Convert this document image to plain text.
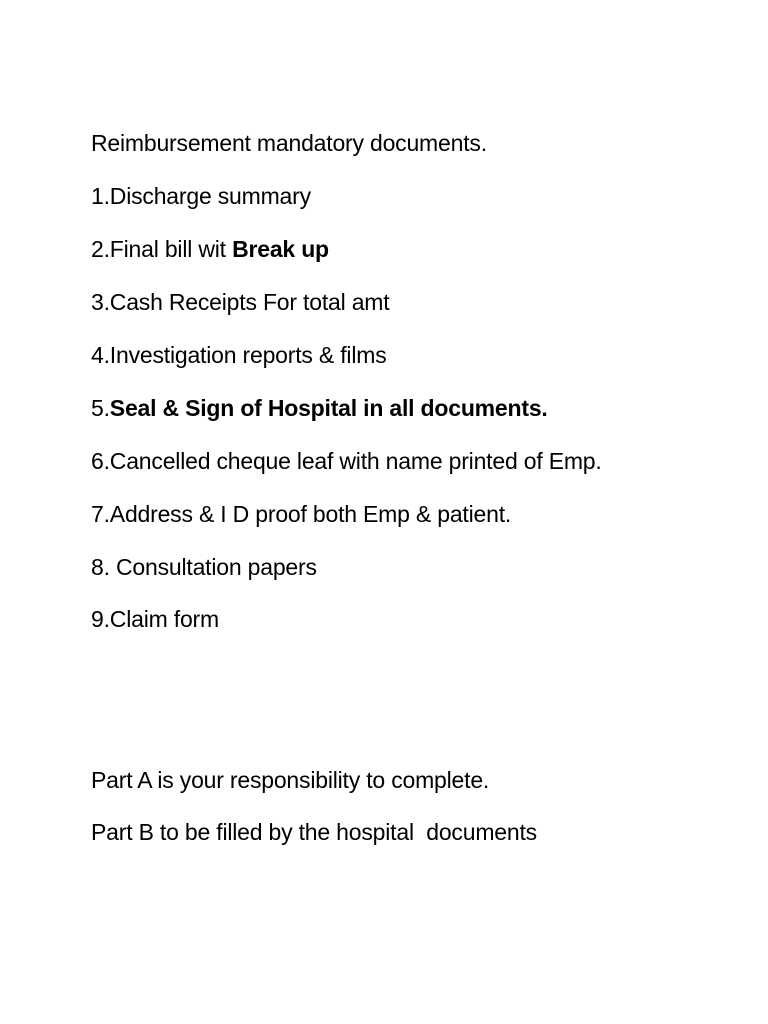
Reimbursement mandatory documents.
1.Discharge summary
2.Final bill wit Break up
3.Cash Receipts For total amt
4.Investigation reports & films
5.Seal & Sign of Hospital in all documents.
6.Cancelled cheque leaf with name printed of Emp.
7.Address & I D proof both Emp & patient.
8. Consultation papers
9.Claim form
Part A is your responsibility to complete.
Part B to be filled by the hospital  documents
